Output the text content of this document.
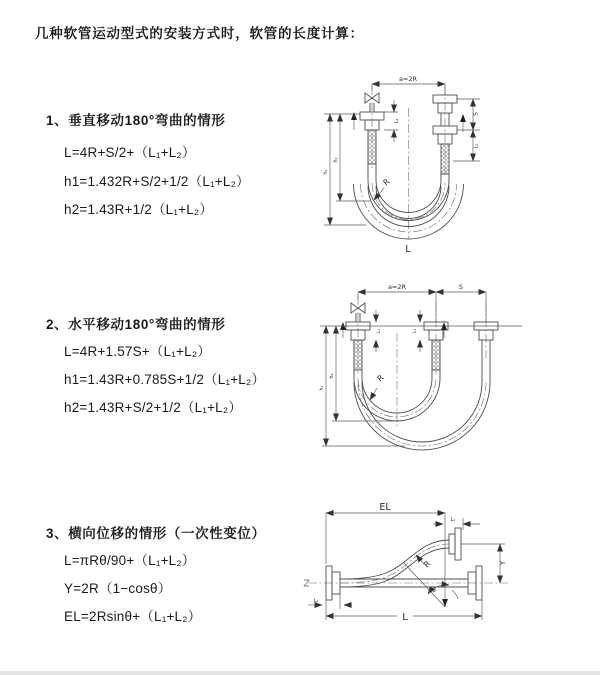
几种软管运动型式的安装方式时，软管的长度计算：
1、垂直移动180°弯曲的情形
L=4R+S/2+（L₁+L₂）
h1=1.432R+S/2+1/2（L₁+L₂）
h2=1.43R+1/2（L₁+L₂）
2、水平移动180°弯曲的情形
L=4R+1.57S+（L₁+L₂）
h1=1.43R+0.785S+1/2（L₁+L₂）
h2=1.43R+S/2+1/2（L₁+L₂）
3、横向位移的情形（一次性变位）
L=πRθ/90+（L₁+L₂）
Y=2R（1−cosθ）
EL=2Rsinθ+（L₁+L₂）
a=2R
S
L₁
L₁
h₁
h₂
R
L
a=2R	S
L₁	L₁
h₁
h₂	R
EL
L₁
Y
θ
R
L₁
L
